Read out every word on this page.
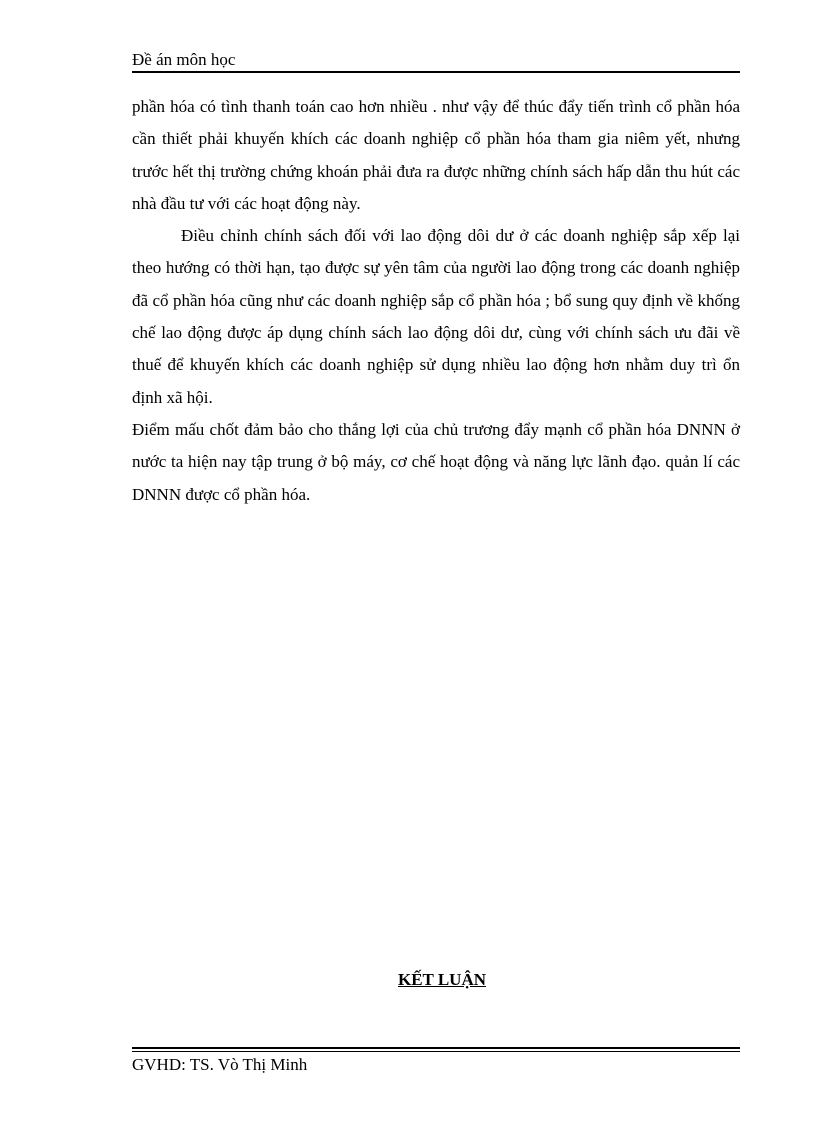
Đề án môn học

phần hóa có tình thanh toán cao hơn nhiều . như vậy để thúc đẩy tiến trình cổ phần hóa cần thiết phải khuyến khích các doanh nghiệp cổ phần hóa tham gia niêm yết, nhưng trước hết thị trường chứng khoán phải đưa ra được những chính sách hấp dẫn thu hút các nhà đầu tư với các hoạt động này.

Điều chỉnh chính sách đối với lao động dôi dư ở các doanh nghiệp sắp xếp lại theo hướng có thời hạn, tạo được sự yên tâm của người lao động trong các doanh nghiệp đã cổ phần hóa cũng như các doanh nghiệp sắp cổ phần hóa ; bổ sung quy định về khống chế lao động được áp dụng chính sách lao động dôi dư, cùng với chính sách ưu đãi về thuế để khuyến khích các doanh nghiệp sử dụng nhiều lao động hơn nhằm duy trì ổn định xã hội.

Điểm mấu chốt đảm bảo cho thắng lợi của chủ trương đẩy mạnh cổ phần hóa DNNN ở nước ta hiện nay tập trung ở bộ máy, cơ chế hoạt động và năng lực lãnh đạo. quản lí các DNNN được cổ phần hóa.

KẾT LUẬN
GVHD: TS. Vò Thị Minh
